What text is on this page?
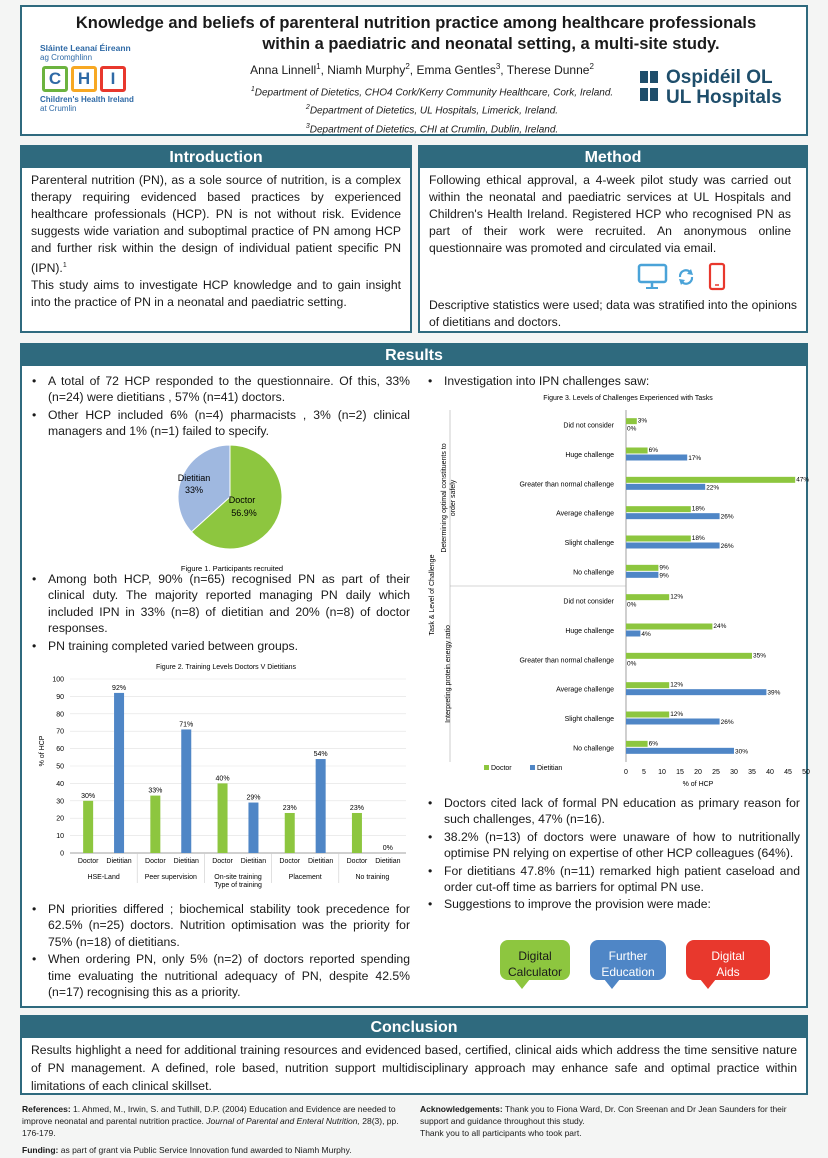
Sláinte Leanaí Éireann
ag Cromghlinn
C H	I
Children's Health Ireland
at Crumlin
Knowledge and beliefs of parenteral nutrition practice among healthcare professionals
within a paediatric and neonatal setting, a multi-site study.
Anna Linnell$^1$, Niamh Murphy$^2$, Emma Gentles$^3$, Therese Dunne$^2$
$^1$Department of Dietetics, CHO4 Cork/Kerry Community Healthcare, Cork, Ireland.
$^2$Department of Dietetics, UL Hospitals, Limerick, Ireland.
$^3$Department of Dietetics, CHI at Crumlin, Dublin, Ireland.
Ospidéil OL
UL Hospitals
Introduction
Parenteral nutrition (PN), as a sole source of nutrition, is a complex therapy requiring evidenced based practices by experienced healthcare professionals (HCP). PN is not without risk. Evidence suggests wide variation and suboptimal practice of PN among HCP and further risk within the design of individual patient specific PN (IPN).$^1$
This study aims to investigate HCP knowledge and to gain insight into the practice of PN in a neonatal and paediatric setting.
Method
Following ethical approval, a 4-week pilot study was carried out within the neonatal and paediatric services at UL Hospitals and Children's Health Ireland. Registered HCP who recognised PN as part of their work were recruited. An anonymous online questionnaire was promoted and circulated via email.
Descriptive statistics were used; data was stratified into the opinions of dietitians and doctors.
Results
• A total of 72 HCP responded to the questionnaire. Of this, 33% (n=24) were dietitians , 57% (n=41) doctors.
• Other HCP included 6% (n=4) pharmacists , 3% (n=2) clinical managers and 1% (n=1) failed to specify.
Dietitian
33%
Doctor
56.9%
Figure 1. Participants recruited
• Among both HCP, 90% (n=65) recognised PN as part of their clinical duty. The majority reported managing PN daily which included IPN in 33% (n=8) of dietitian and 20% (n=8) of doctor responses.
• PN training completed varied between groups.
Figure 2. Training Levels Doctors V Dietitians
% of HCP
Type of training
0
10
20
30
40
50
60
70
80
90
100
Doctor Dietitian
HSE-Land
Doctor Dietitian
Peer supervision
Doctor Dietitian
On-site training
Doctor Dietitian
Placement
Doctor Dietitian
No training
30%
92%
33%
71%
40%
29%
23%
54%
23%
0%
• PN priorities differed ; biochemical stability took precedence for 62.5% (n=25) doctors. Nutrition optimisation was the priority for 75% (n=18) of dietitians.
• When ordering PN, only 5% (n=2) of doctors reported spending time evaluating the nutritional adequacy of PN, despite 42.5% (n=17) recognising this as a priority.
• Investigation into IPN challenges saw:
Figure 3. Levels of Challenges Experienced with Tasks
Task & Level of Challenge
% of HCP
0 5 10 15 20 25 30 35 40 45 50
Did not consider
Huge challenge
Greater than normal challenge
Average challenge
Slight challenge
No challenge
Did not consider
Huge challenge
Greater than normal challenge
Average challenge
Slight challenge
No challenge
Determining optimal constituents to order safely
Interpreting protein energy ratio
Doctor	Dietitian
3%
0%
6%
17%
47%
22%
18%
26%
18%
26%
9%
9%
12%
0%
24%
4%
35%
0%
12%
39%
12%
26%
6%
30%
• Doctors cited lack of formal PN education as primary reason for such challenges, 47% (n=16).
• 38.2% (n=13) of doctors were unaware of how to nutritionally optimise PN relying on expertise of other HCP colleagues (64%).
• For dietitians 47.8% (n=11) remarked high patient caseload and order cut-off time as barriers for optimal PN use.
• Suggestions to improve the provision were made:
Digital
Calculator
Further
Education
Digital
Aids
Conclusion
Results highlight a need for additional training resources and evidenced based, certified, clinical aids which address the time sensitive nature of PN management. A defined, role based, nutrition support multidisciplinary approach may enhance safe and optimal practice within limitations of each clinical skillset.
References: 1. Ahmed, M., Irwin, S. and Tuthill, D.P. (2004) Education and Evidence are needed to improve neonatal and parental nutrition practice. Journal of Parental and Enteral Nutrition, 28(3), pp. 176-179.
Funding: as part of grant via Public Service Innovation fund awarded to Niamh Murphy.
Acknowledgements: Thank you to Fiona Ward, Dr. Con Sreenan and Dr Jean Saunders for their support and guidance throughout this study.
Thank you to all participants who took part.
